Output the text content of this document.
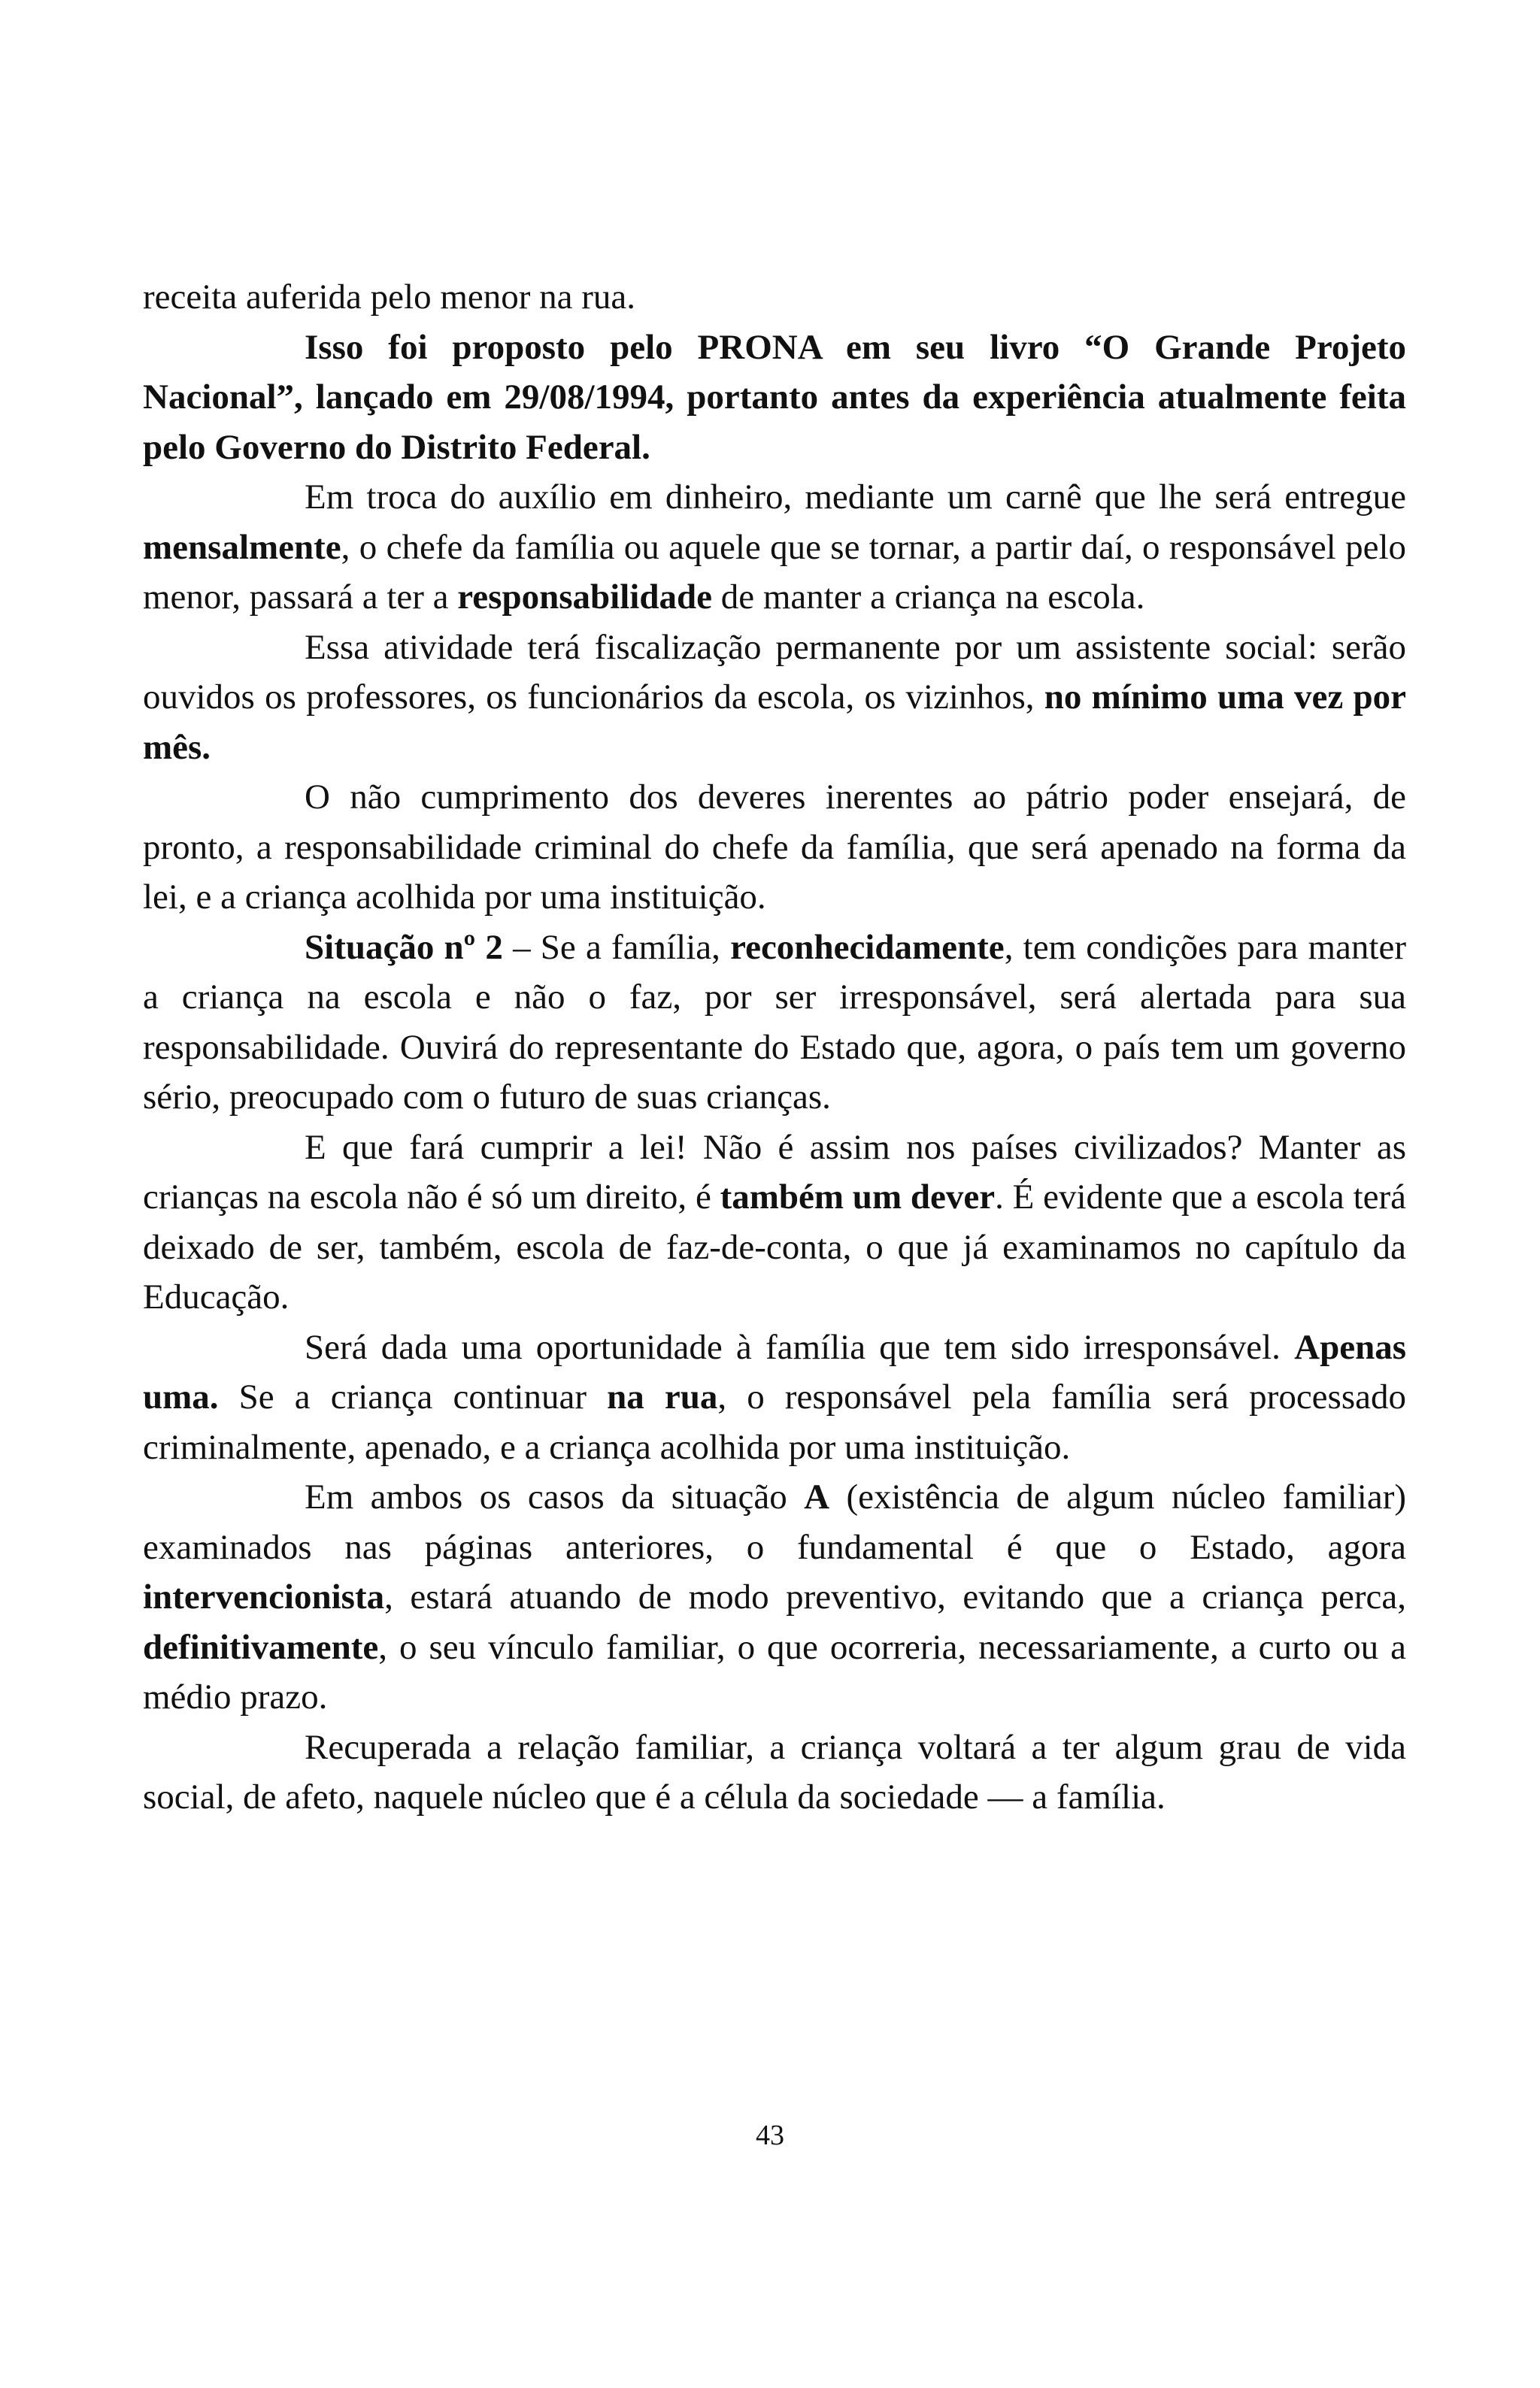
receita auferida pelo menor na rua.

Isso foi proposto pelo PRONA em seu livro “O Grande Projeto Nacional”, lançado em 29/08/1994, portanto antes da experiência atualmente feita pelo Governo do Distrito Federal.

Em troca do auxílio em dinheiro, mediante um carnê que lhe será entregue mensalmente, o chefe da família ou aquele que se tornar, a partir daí, o responsável pelo menor, passará a ter a responsabilidade de manter a criança na escola.

Essa atividade terá fiscalização permanente por um assistente social: serão ouvidos os professores, os funcionários da escola, os vizinhos, no mínimo uma vez por mês.

O não cumprimento dos deveres inerentes ao pátrio poder ensejará, de pronto, a responsabilidade criminal do chefe da família, que será apenado na forma da lei, e a criança acolhida por uma instituição.

Situação nº 2 – Se a família, reconhecidamente, tem condições para manter a criança na escola e não o faz, por ser irresponsável, será alertada para sua responsabilidade. Ouvirá do representante do Estado que, agora, o país tem um governo sério, preocupado com o futuro de suas crianças.

E que fará cumprir a lei! Não é assim nos países civilizados? Manter as crianças na escola não é só um direito, é também um dever. É evidente que a escola terá deixado de ser, também, escola de faz-de-conta, o que já examinamos no capítulo da Educação.

Será dada uma oportunidade à família que tem sido irresponsável. Apenas uma. Se a criança continuar na rua, o responsável pela família será processado criminalmente, apenado, e a criança acolhida por uma instituição.

Em ambos os casos da situação A (existência de algum núcleo familiar) examinados nas páginas anteriores, o fundamental é que o Estado, agora intervencionista, estará atuando de modo preventivo, evitando que a criança perca, definitivamente, o seu vínculo familiar, o que ocorreria, necessariamente, a curto ou a médio prazo.

Recuperada a relação familiar, a criança voltará a ter algum grau de vida social, de afeto, naquele núcleo que é a célula da sociedade — a família.

43
